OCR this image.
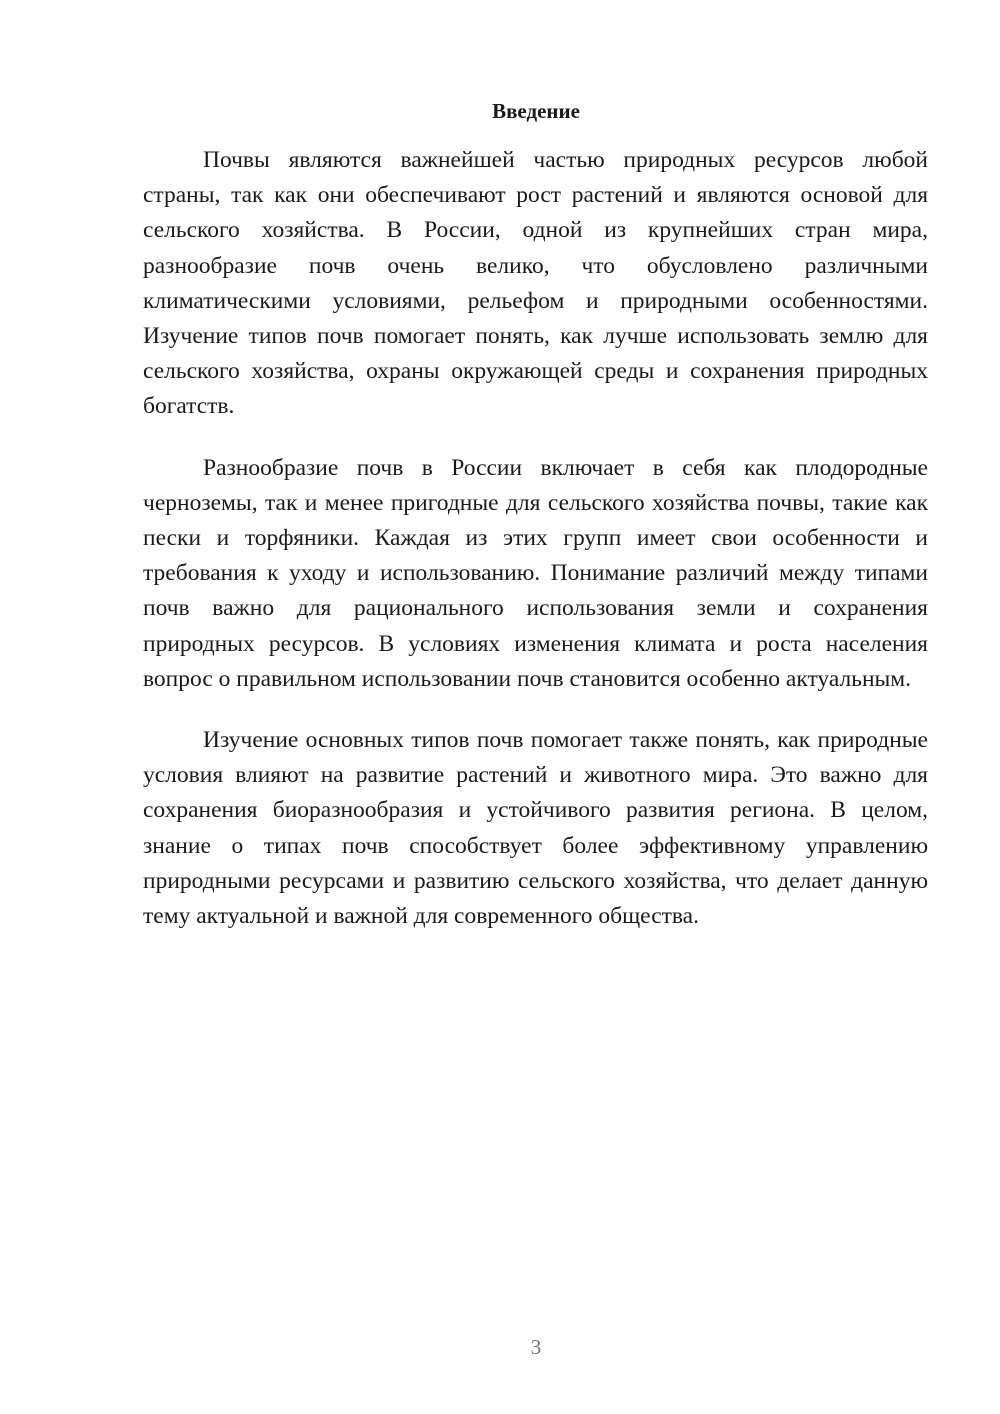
Введение

Почвы являются важнейшей частью природных ресурсов любой страны, так как они обеспечивают рост растений и являются основой для сельского хозяйства. В России, одной из крупнейших стран мира, разнообразие почв очень велико, что обусловлено различными климатическими условиями, рельефом и природными особенностями. Изучение типов почв помогает понять, как лучше использовать землю для сельского хозяйства, охраны окружающей среды и сохранения природных богатств.

Разнообразие почв в России включает в себя как плодородные черноземы, так и менее пригодные для сельского хозяйства почвы, такие как пески и торфяники. Каждая из этих групп имеет свои особенности и требования к уходу и использованию. Понимание различий между типами почв важно для рационального использования земли и сохранения природных ресурсов. В условиях изменения климата и роста населения вопрос о правильном использовании почв становится особенно актуальным.

Изучение основных типов почв помогает также понять, как природные условия влияют на развитие растений и животного мира. Это важно для сохранения биоразнообразия и устойчивого развития региона. В целом, знание о типах почв способствует более эффективному управлению природными ресурсами и развитию сельского хозяйства, что делает данную тему актуальной и важной для современного общества.

3
